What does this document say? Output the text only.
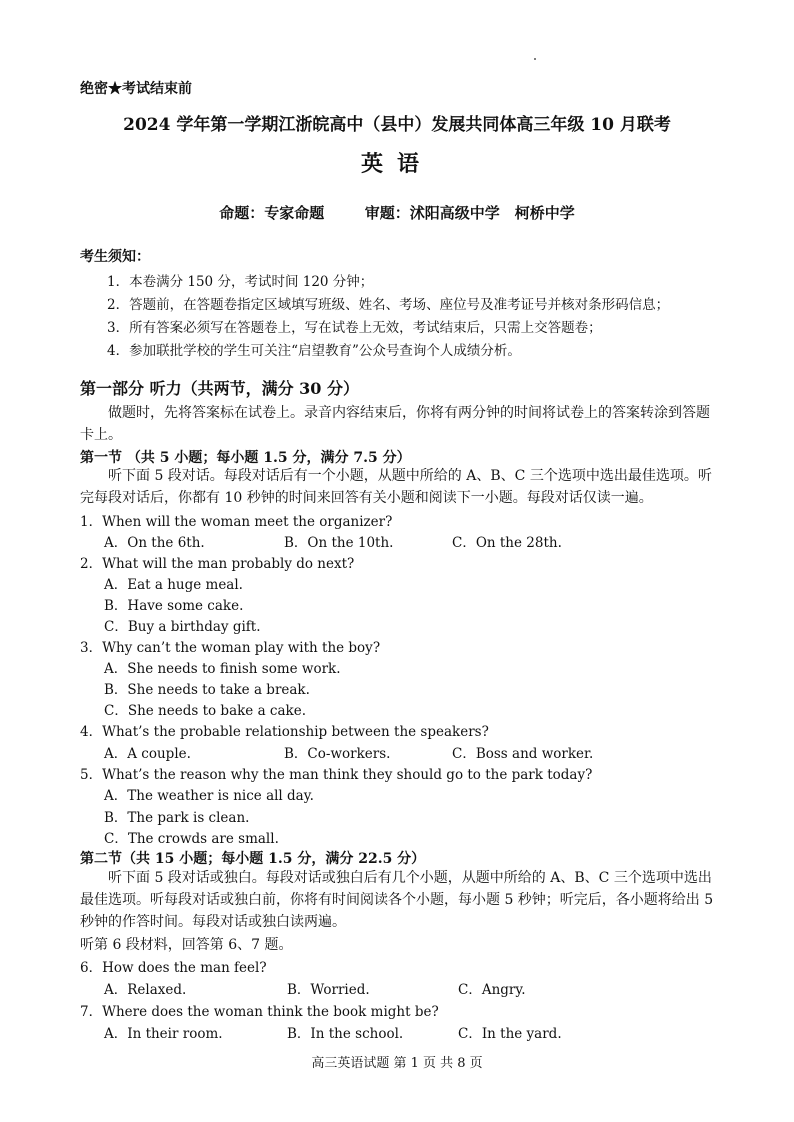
绝密★考试结束前
2024 学年第一学期江浙皖高中（县中）发展共同体高三年级 10 月联考
英语
命题：专家命题	审题：沭阳高级中学　柯桥中学
考生须知：
1．本卷满分 150 分，考试时间 120 分钟；
2．答题前，在答题卷指定区域填写班级、姓名、考场、座位号及准考证号并核对条形码信息；
3．所有答案必须写在答题卷上，写在试卷上无效，考试结束后，只需上交答题卷；
4．参加联批学校的学生可关注“启望教育”公众号查询个人成绩分析。
第一部分 听力（共两节，满分 30 分）
做题时，先将答案标在试卷上。录音内容结束后，你将有两分钟的时间将试卷上的答案转涂到答题卡上。
第一节 （共 5 小题；每小题 1.5 分，满分 7.5 分）
听下面 5 段对话。每段对话后有一个小题，从题中所给的 A、B、C 三个选项中选出最佳选项。听完每段对话后，你都有 10 秒钟的时间来回答有关小题和阅读下一小题。每段对话仅读一遍。
1．When will the woman meet the organizer?
A．On the 6th.	B．On the 10th.	C．On the 28th.
2．What will the man probably do next?
A．Eat a huge meal.
B．Have some cake.
C．Buy a birthday gift.
3．Why can’t the woman play with the boy?
A．She needs to finish some work.
B．She needs to take a break.
C．She needs to bake a cake.
4．What’s the probable relationship between the speakers?
A．A couple.	B．Co-workers.	C．Boss and worker.
5．What’s the reason why the man think they should go to the park today?
A．The weather is nice all day.
B．The park is clean.
C．The crowds are small.
第二节（共 15 小题；每小题 1.5 分，满分 22.5 分）
听下面 5 段对话或独白。每段对话或独白后有几个小题，从题中所给的 A、B、C 三个选项中选出最佳选项。听每段对话或独白前，你将有时间阅读各个小题，每小题 5 秒钟；听完后，各小题将给出 5 秒钟的作答时间。每段对话或独白读两遍。
听第 6 段材料，回答第 6、7 题。
6．How does the man feel?
A．Relaxed.	B．Worried.	C．Angry.
7．Where does the woman think the book might be?
A．In their room.	B．In the school.	C．In the yard.
高三英语试题 第 1 页 共 8 页
